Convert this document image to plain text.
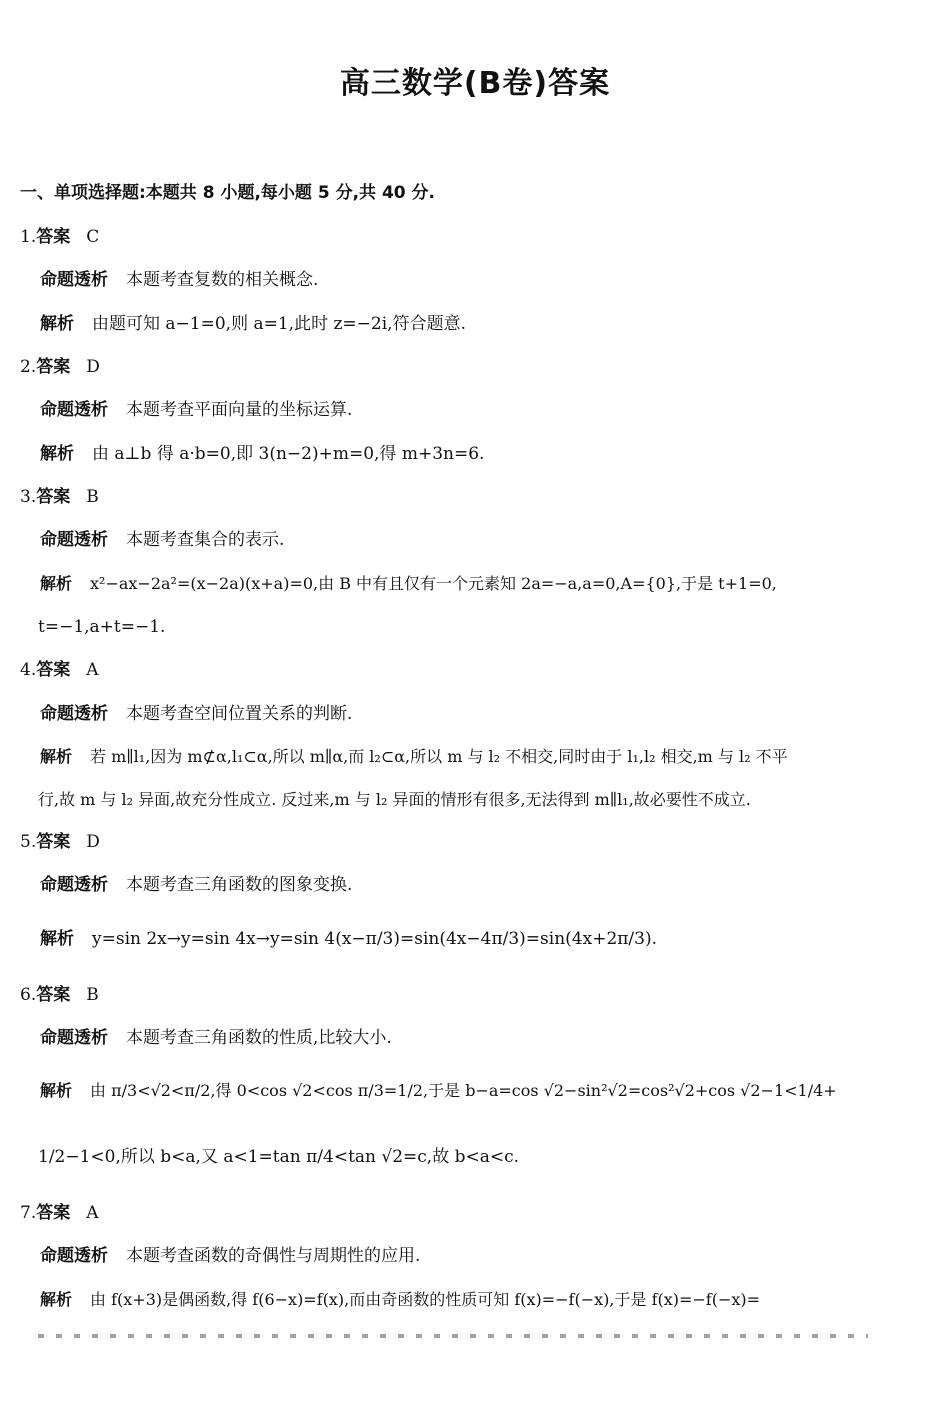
高三数学(B卷)答案
一、单项选择题:本题共 8 小题,每小题 5 分,共 40 分.
1.答案 C
命题透析 本题考查复数的相关概念.
解析 由题可知 a−1=0,则 a=1,此时 z=−2i,符合题意.
2.答案 D
命题透析 本题考查平面向量的坐标运算.
解析 由 a⊥b 得 a·b=0,即 3(n−2)+m=0,得 m+3n=6.
3.答案 B
命题透析 本题考查集合的表示.
解析 x²−ax−2a²=(x−2a)(x+a)=0,由 B 中有且仅有一个元素知 2a=−a,a=0,A={0},于是 t+1=0,
t=−1,a+t=−1.
4.答案 A
命题透析 本题考查空间位置关系的判断.
解析 若 m∥l₁,因为 m⊄α,l₁⊂α,所以 m∥α,而 l₂⊂α,所以 m 与 l₂ 不相交,同时由于 l₁,l₂ 相交,m 与 l₂ 不平
行,故 m 与 l₂ 异面,故充分性成立. 反过来,m 与 l₂ 异面的情形有很多,无法得到 m∥l₁,故必要性不成立.
5.答案 D
命题透析 本题考查三角函数的图象变换.
解析 y=sin 2x→y=sin 4x→y=sin 4(x−π/3)=sin(4x−4π/3)=sin(4x+2π/3).
6.答案 B
命题透析 本题考查三角函数的性质,比较大小.
解析 由 π/3<√2<π/2,得 0<cos √2<cos π/3=1/2,于是 b−a=cos √2−sin²√2=cos²√2+cos √2−1<1/4+
1/2−1<0,所以 b<a,又 a<1=tan π/4<tan √2=c,故 b<a<c.
7.答案 A
命题透析 本题考查函数的奇偶性与周期性的应用.
解析 由 f(x+3)是偶函数,得 f(6−x)=f(x),而由奇函数的性质可知 f(x)=−f(−x),于是 f(x)=−f(−x)=
